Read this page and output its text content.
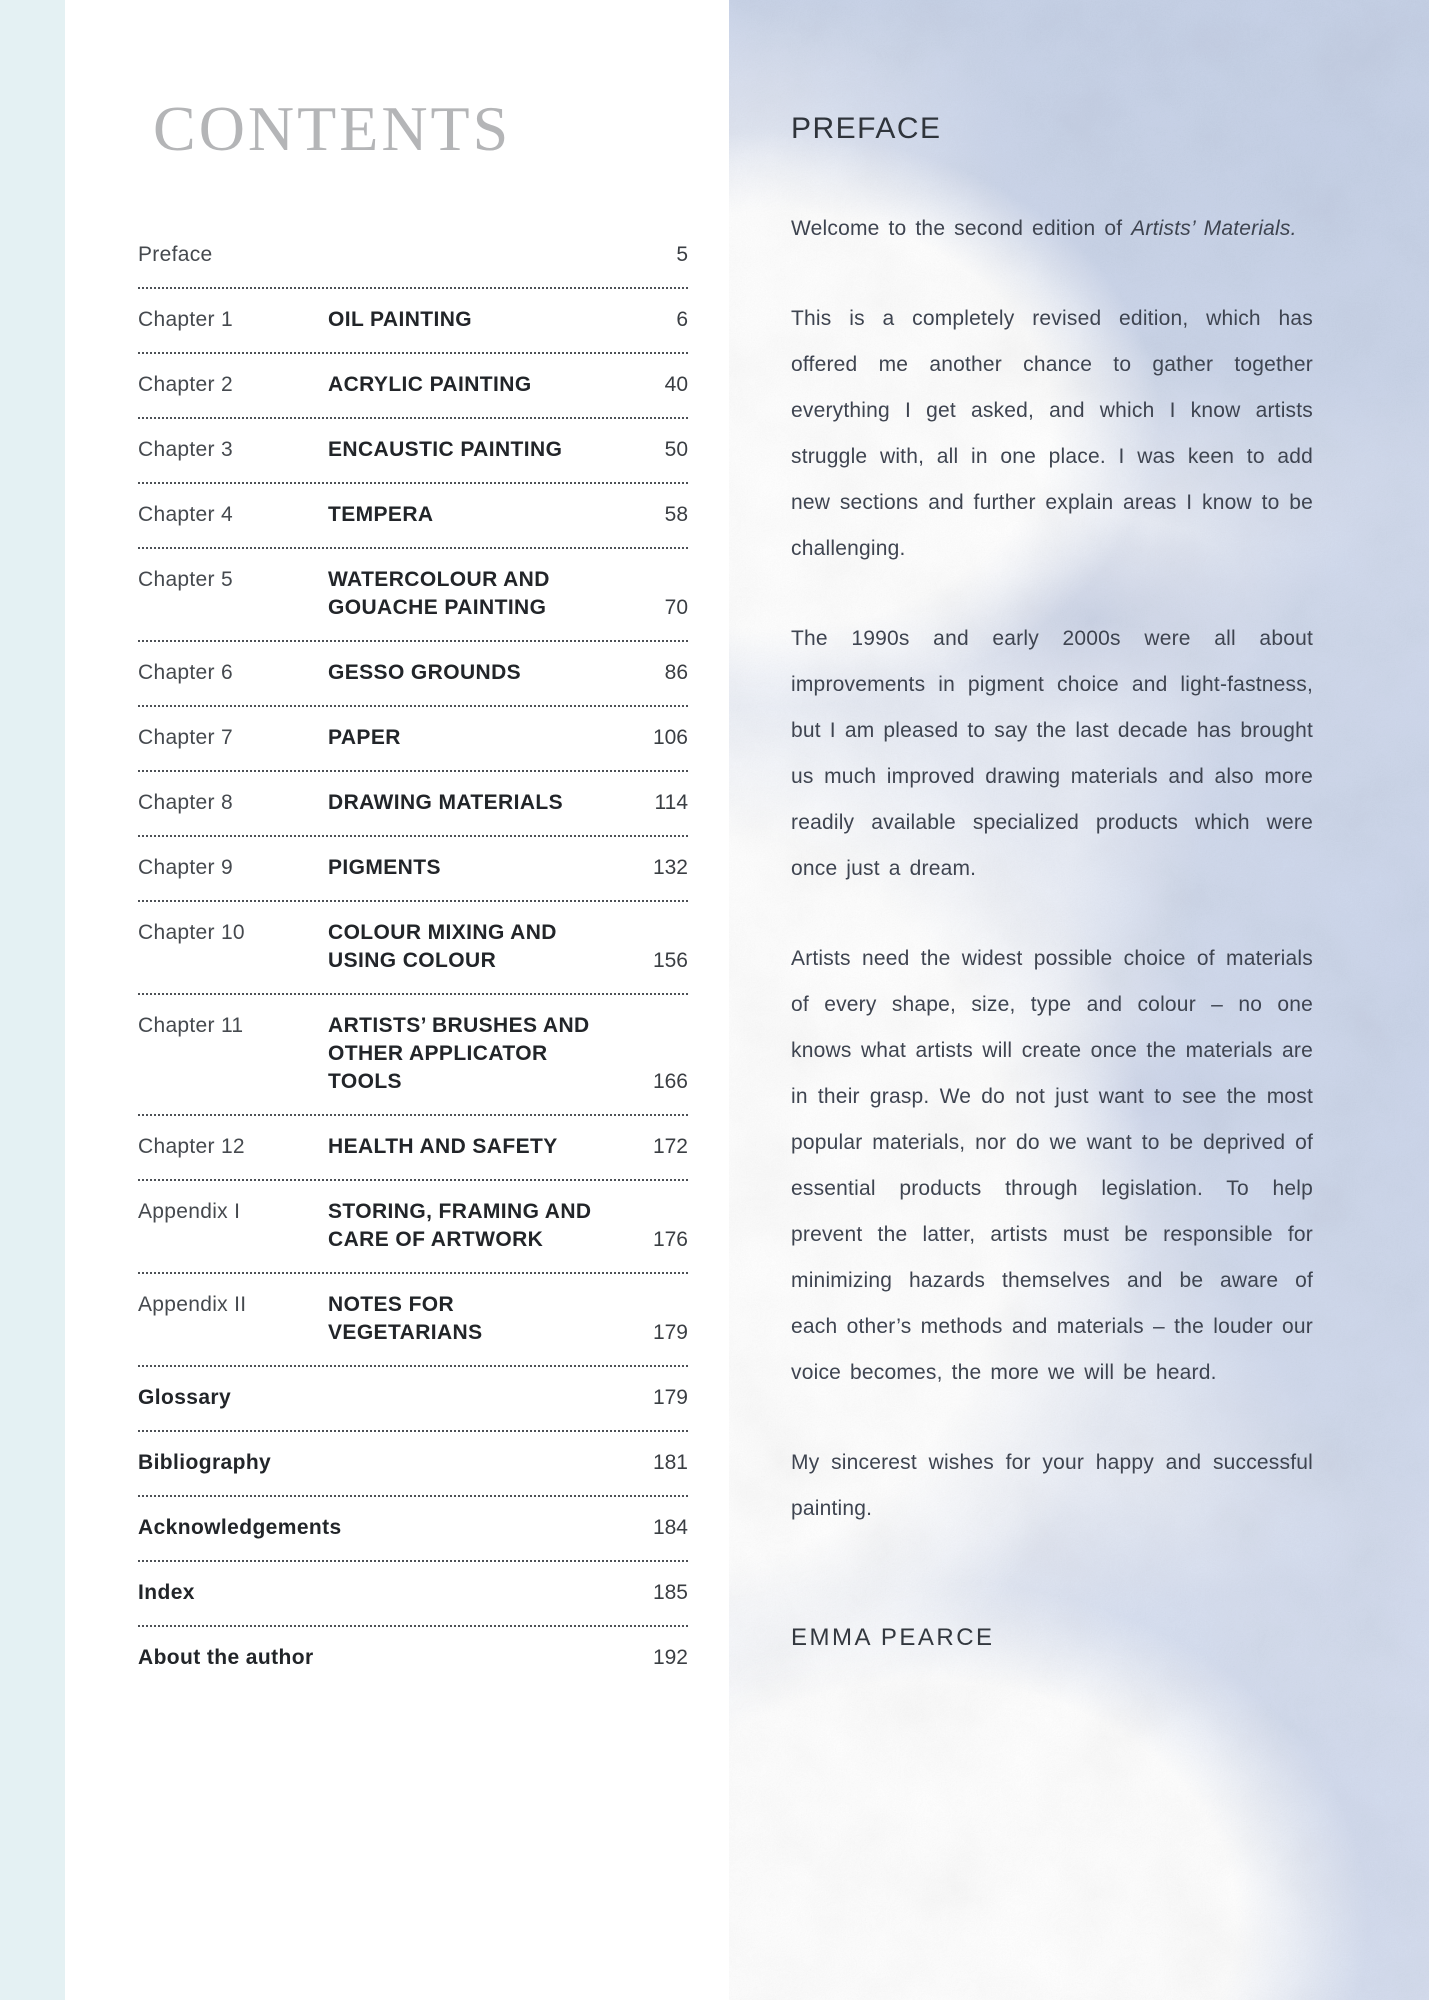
CONTENTS
Preface	5
Chapter 1	OIL PAINTING	6
Chapter 2	ACRYLIC PAINTING	40
Chapter 3	ENCAUSTIC PAINTING	50
Chapter 4	TEMPERA	58
Chapter 5	WATERCOLOUR AND GOUACHE PAINTING	70
Chapter 6	GESSO GROUNDS	86
Chapter 7	PAPER	106
Chapter 8	DRAWING MATERIALS	114
Chapter 9	PIGMENTS	132
Chapter 10	COLOUR MIXING AND USING COLOUR	156
Chapter 11	ARTISTS’ BRUSHES AND OTHER APPLICATOR TOOLS	166
Chapter 12	HEALTH AND SAFETY	172
Appendix I	STORING, FRAMING AND CARE OF ARTWORK	176
Appendix II	NOTES FOR VEGETARIANS	179
Glossary	179
Bibliography	181
Acknowledgements	184
Index	185
About the author	192
PREFACE

Welcome to the second edition of Artists’ Materials.

This is a completely revised edition, which has offered me another chance to gather together everything I get asked, and which I know artists struggle with, all in one place. I was keen to add new sections and further explain areas I know to be challenging.

The 1990s and early 2000s were all about improvements in pigment choice and light-fastness, but I am pleased to say the last decade has brought us much improved drawing materials and also more readily available specialized products which were once just a dream.

Artists need the widest possible choice of materials of every shape, size, type and colour – no one knows what artists will create once the materials are in their grasp. We do not just want to see the most popular materials, nor do we want to be deprived of essential products through legislation. To help prevent the latter, artists must be responsible for minimizing hazards themselves and be aware of each other’s methods and materials – the louder our voice becomes, the more we will be heard.

My sincerest wishes for your happy and successful painting.

EMMA PEARCE
